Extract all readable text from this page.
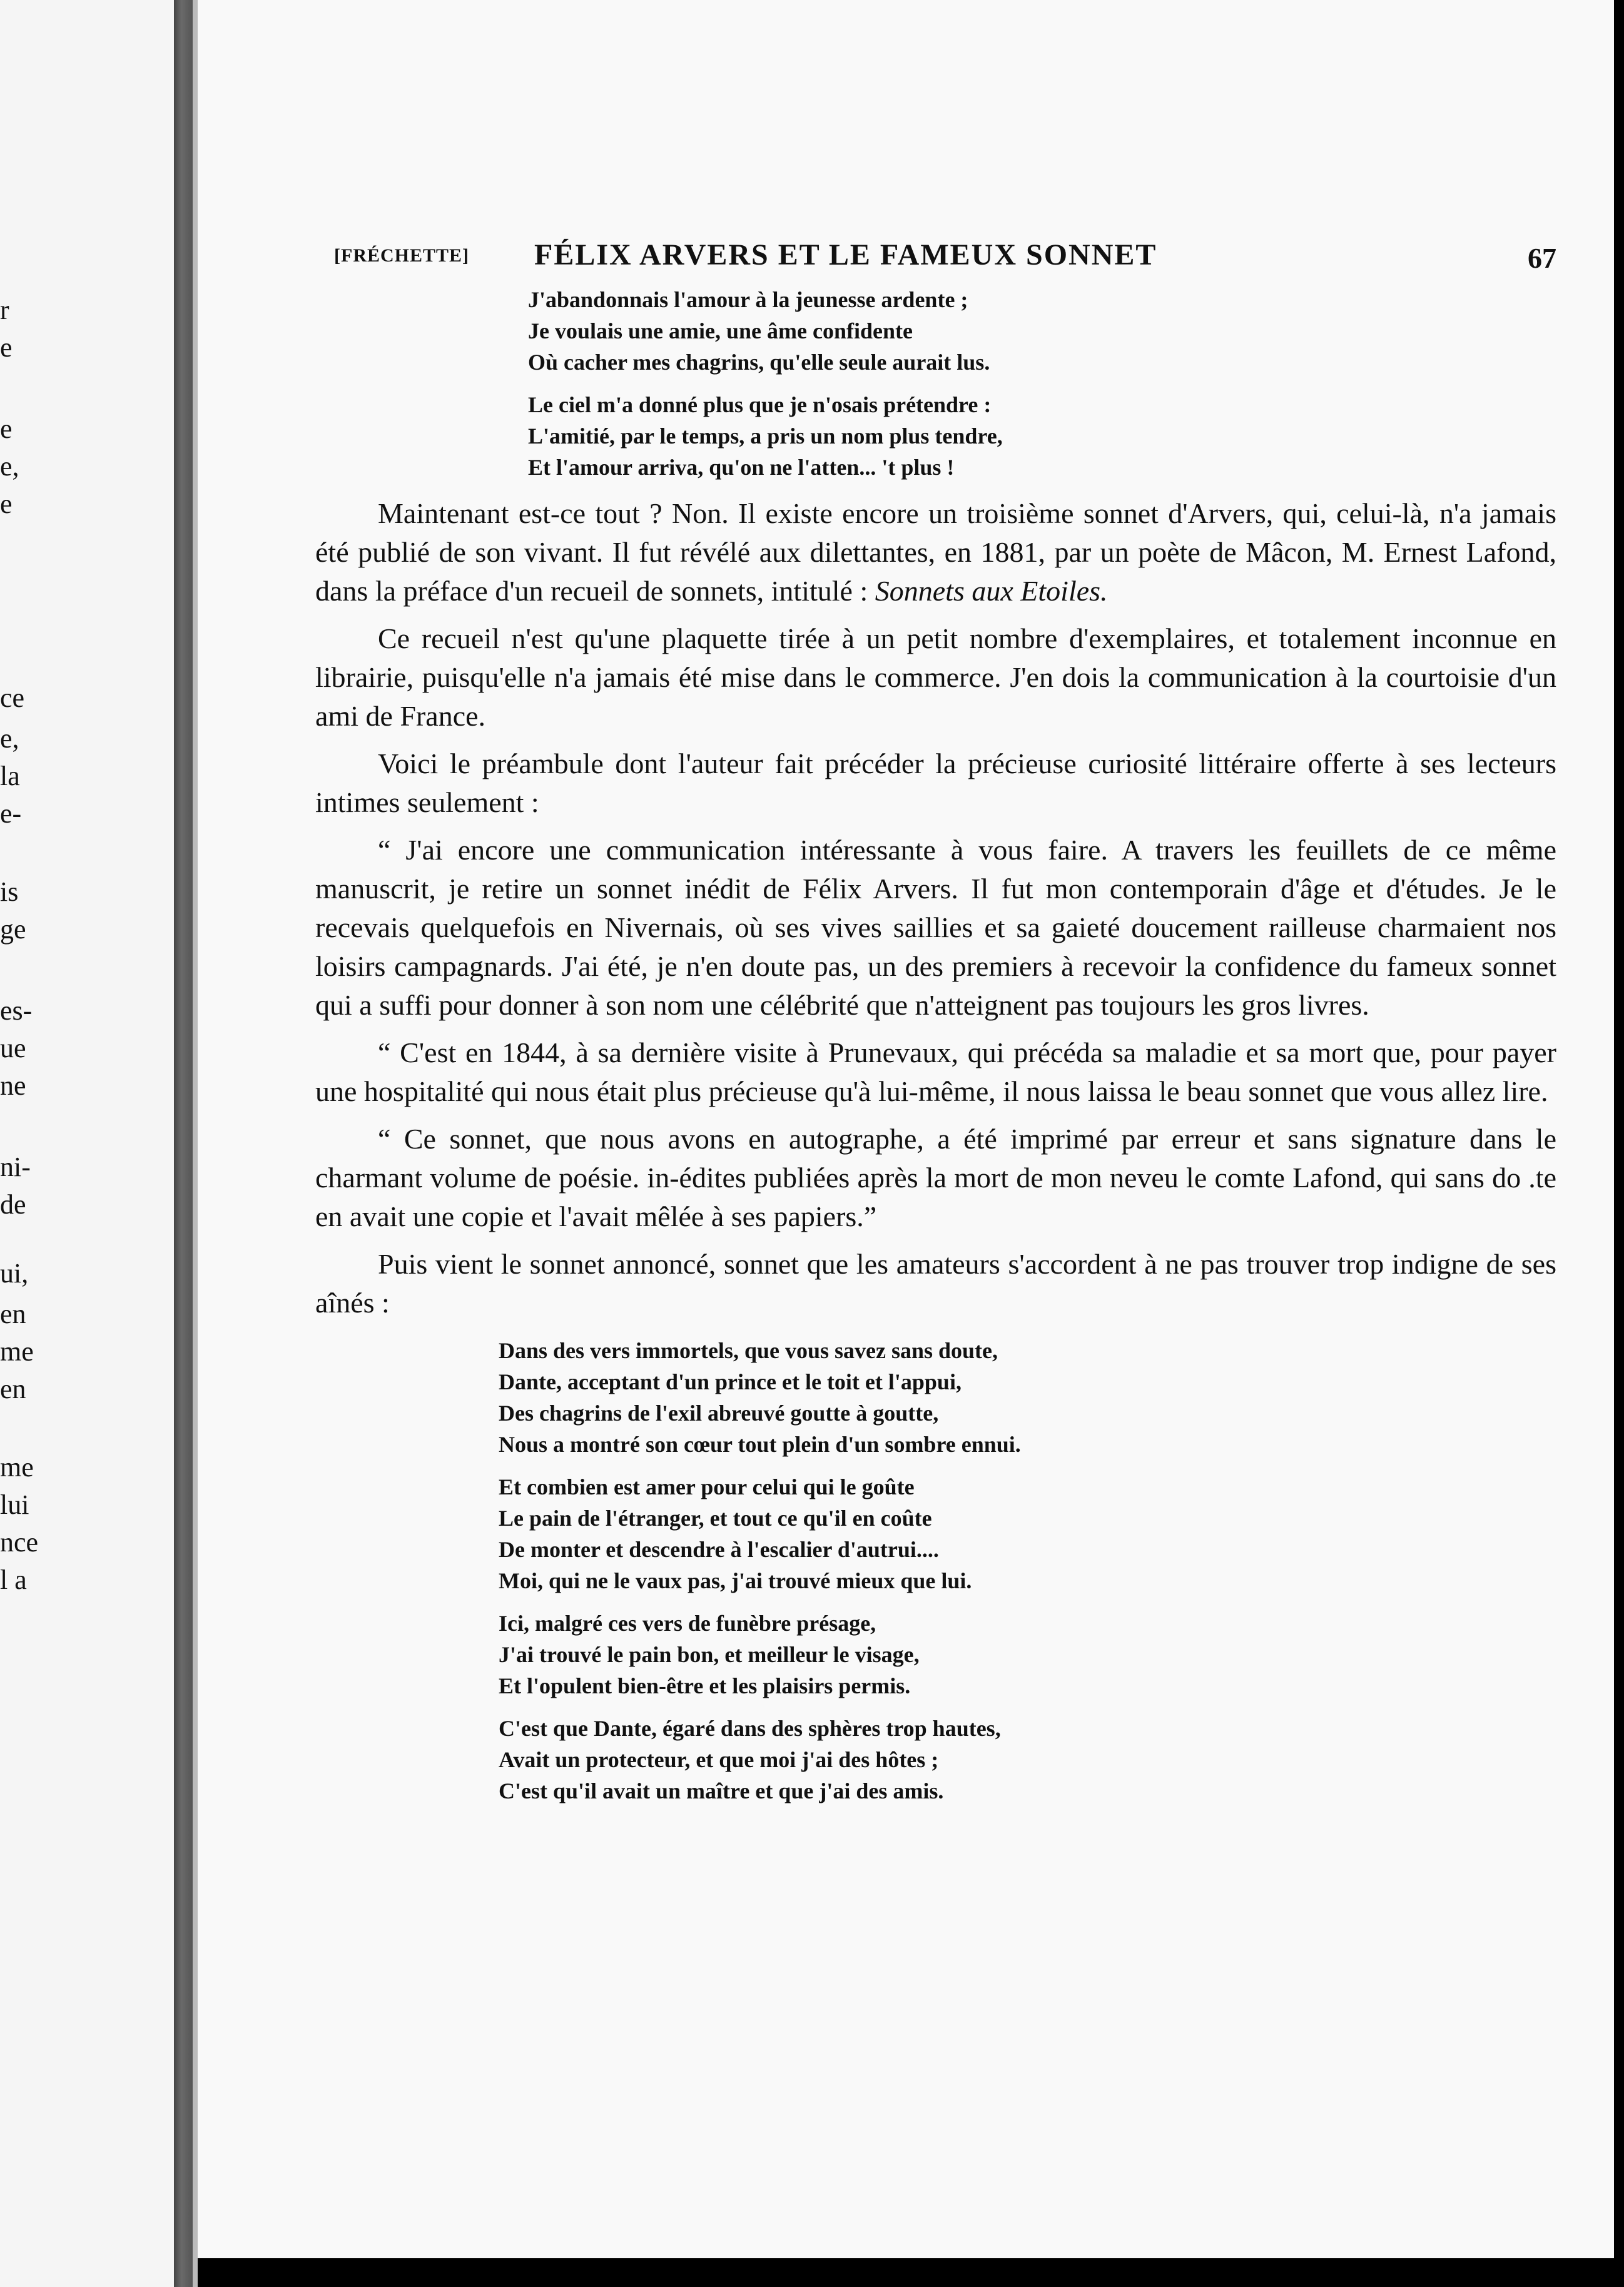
r
e
e
e,
e
ce
e,
la
e-
is
ge
es-
ue
ne
ni-
de
ui,
en
me
en
me
lui
nce
l a
[FRÉCHETTE] FÉLIX ARVERS ET LE FAMEUX SONNET	67

J'abandonnais l'amour à la jeunesse ardente ;

Je voulais une amie, une âme confidente

Où cacher mes chagrins, qu'elle seule aurait lus.

Le ciel m'a donné plus que je n'osais prétendre :

L'amitié, par le temps, a pris un nom plus tendre,

Et l'amour arriva, qu'on ne l'atten... 't plus !

Maintenant est-ce tout ? Non. Il existe encore un troisième sonnet d'Arvers, qui, celui-là, n'a jamais été publié de son vivant. Il fut révélé aux dilettantes, en 1881, par un poète de Mâcon, M. Ernest Lafond, dans la préface d'un recueil de sonnets, intitulé : Sonnets aux Etoiles.

Ce recueil n'est qu'une plaquette tirée à un petit nombre d'exemplaires, et totalement inconnue en librairie, puisqu'elle n'a jamais été mise dans le commerce. J'en dois la communication à la courtoisie d'un ami de France.

Voici le préambule dont l'auteur fait précéder la précieuse curiosité littéraire offerte à ses lecteurs intimes seulement :

“ J'ai encore une communication intéressante à vous faire. A travers les feuillets de ce même manuscrit, je retire un sonnet inédit de Félix Arvers. Il fut mon contemporain d'âge et d'études. Je le recevais quelquefois en Nivernais, où ses vives saillies et sa gaieté doucement railleuse charmaient nos loisirs campagnards. J'ai été, je n'en doute pas, un des premiers à recevoir la confidence du fameux sonnet qui a suffi pour donner à son nom une célébrité que n'atteignent pas toujours les gros livres.

“ C'est en 1844, à sa dernière visite à Prunevaux, qui précéda sa maladie et sa mort que, pour payer une hospitalité qui nous était plus précieuse qu'à lui-même, il nous laissa le beau sonnet que vous allez lire.

“ Ce sonnet, que nous avons en autographe, a été imprimé par erreur et sans signature dans le charmant volume de poésie. in‑édites publiées après la mort de mon neveu le comte Lafond, qui sans do .te en avait une copie et l'avait mêlée à ses papiers.”

Puis vient le sonnet annoncé, sonnet que les amateurs s'accordent à ne pas trouver trop indigne de ses aînés :

Dans des vers immortels, que vous savez sans doute,

Dante, acceptant d'un prince et le toit et l'appui,

Des chagrins de l'exil abreuvé goutte à goutte,

Nous a montré son cœur tout plein d'un sombre ennui.

Et combien est amer pour celui qui le goûte

Le pain de l'étranger, et tout ce qu'il en coûte

De monter et descendre à l'escalier d'autrui....

Moi, qui ne le vaux pas, j'ai trouvé mieux que lui.

Ici, malgré ces vers de funèbre présage,

J'ai trouvé le pain bon, et meilleur le visage,

Et l'opulent bien-être et les plaisirs permis.

C'est que Dante, égaré dans des sphères trop hautes,

Avait un protecteur, et que moi j'ai des hôtes ;

C'est qu'il avait un maître et que j'ai des amis.
